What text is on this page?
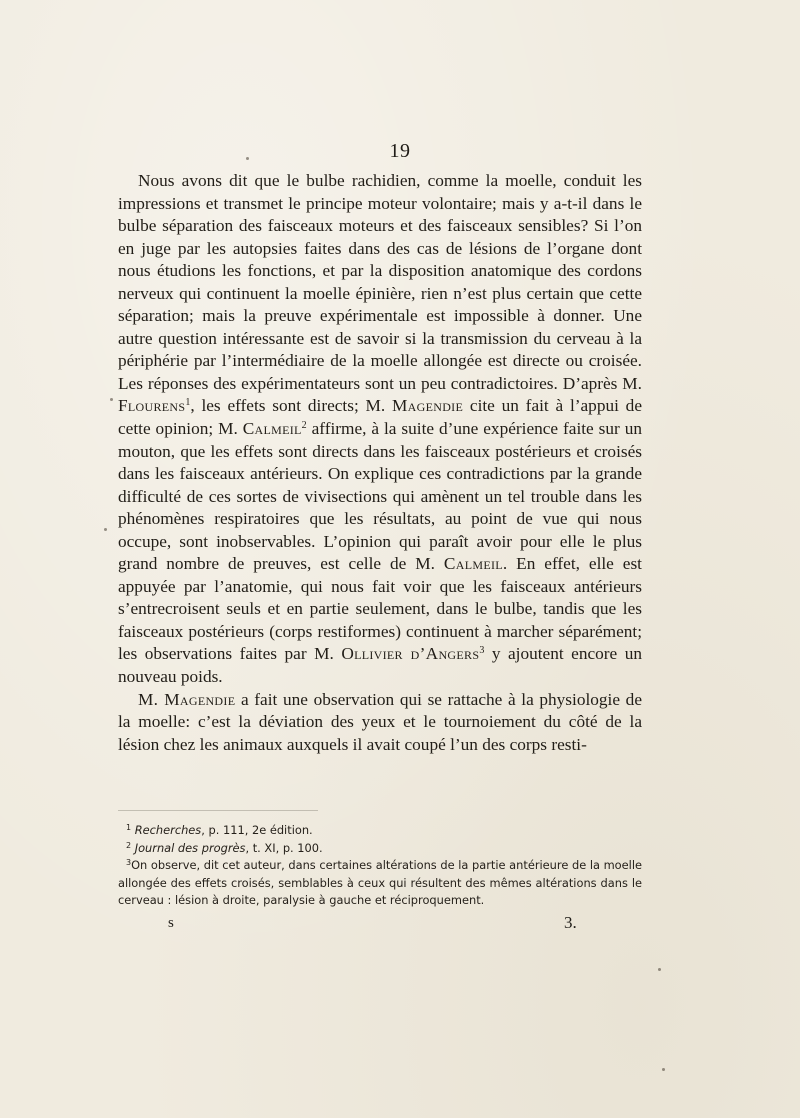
19

Nous avons dit que le bulbe rachidien, comme la moelle, conduit les impressions et transmet le principe moteur volontaire; mais y a-t-il dans le bulbe séparation des faisceaux moteurs et des faisceaux sensibles? Si l’on en juge par les autopsies faites dans des cas de lésions de l’organe dont nous étudions les fonctions, et par la disposition anatomique des cordons nerveux qui continuent la moelle épinière, rien n’est plus certain que cette séparation; mais la preuve expérimentale est impossible à donner. Une autre question intéressante est de savoir si la transmission du cerveau à la périphérie par l’intermédiaire de la moelle allongée est directe ou croisée. Les réponses des expérimentateurs sont un peu contradictoires. D’après M. Flourens$^1$, les effets sont directs; M. Magendie cite un fait à l’appui de cette opinion; M. Calmeil$^2$ affirme, à la suite d’une expérience faite sur un mouton, que les effets sont directs dans les faisceaux postérieurs et croisés dans les faisceaux antérieurs. On explique ces contradictions par la grande difficulté de ces sortes de vivisections qui amènent un tel trouble dans les phénomènes respiratoires que les résultats, au point de vue qui nous occupe, sont inobservables. L’opinion qui paraît avoir pour elle le plus grand nombre de preuves, est celle de M. Calmeil. En effet, elle est appuyée par l’anatomie, qui nous fait voir que les faisceaux antérieurs s’entrecroisent seuls et en partie seulement, dans le bulbe, tandis que les faisceaux postérieurs (corps restiformes) continuent à marcher séparément; les observations faites par M. Ollivier d’Angers$^3$ y ajoutent encore un nouveau poids.

M. Magendie a fait une observation qui se rattache à la physiologie de la moelle: c’est la déviation des yeux et le tournoiement du côté de la lésion chez les animaux auxquels il avait coupé l’un des corps resti-

$^1$ Recherches, p. 111, 2e édition.

$^2$ Journal des progrès, t. XI, p. 100.

$^3$On observe, dit cet auteur, dans certaines altérations de la partie antérieure de la moelle allongée des effets croisés, semblables à ceux qui résultent des mêmes altérations dans le cerveau : lésion à droite, paralysie à gauche et réciproquement.

s	3.
